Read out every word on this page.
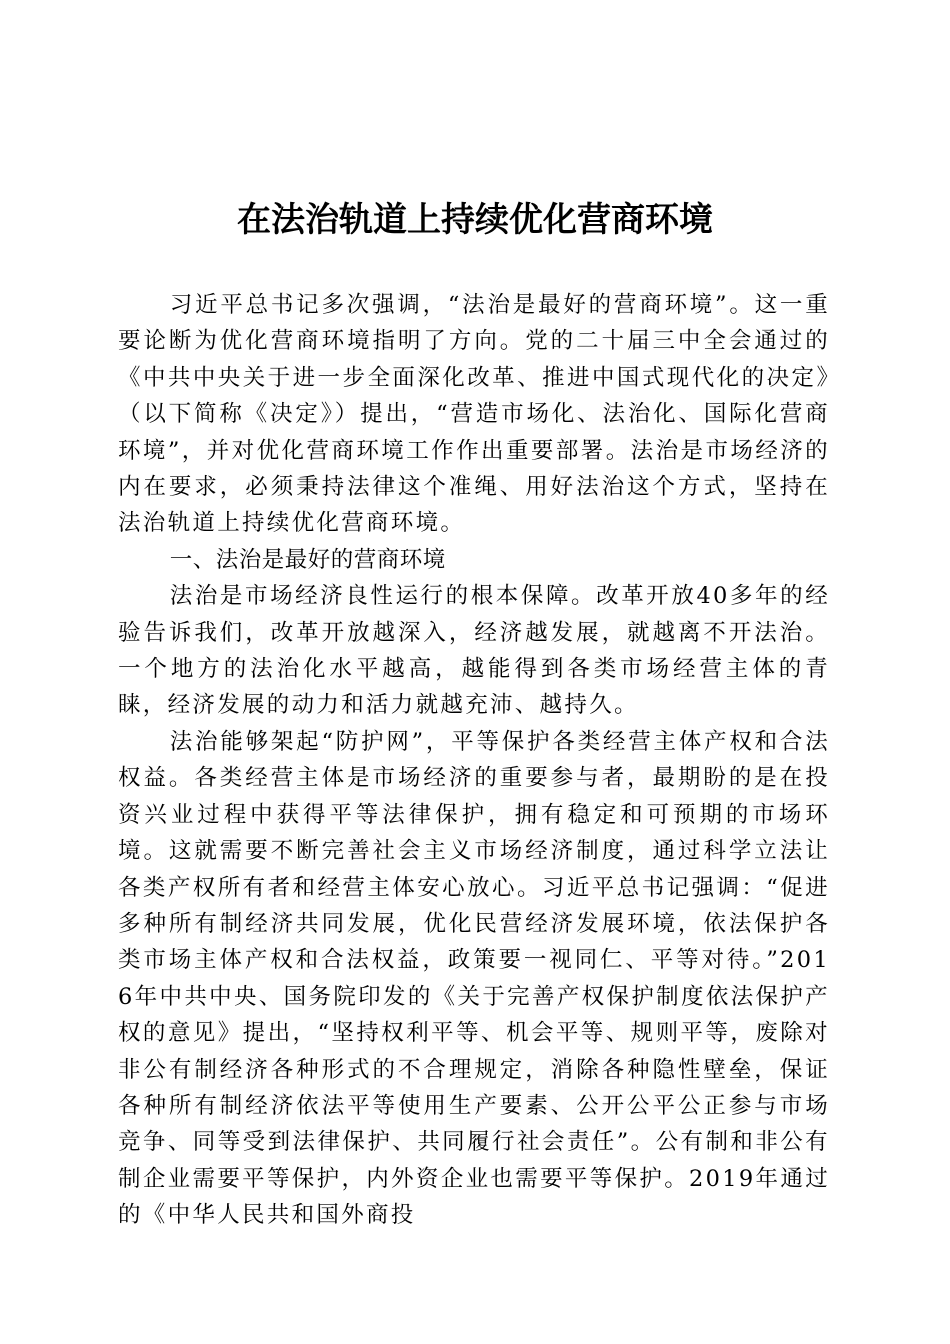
在法治轨道上持续优化营商环境

习近平总书记多次强调，“法治是最好的营商环境”。这一重要论断为优化营商环境指明了方向。党的二十届三中全会通过的《中共中央关于进一步全面深化改革、推进中国式现代化的决定》（以下简称《决定》）提出，“营造市场化、法治化、国际化营商环境”，并对优化营商环境工作作出重要部署。法治是市场经济的内在要求，必须秉持法律这个准绳、用好法治这个方式，坚持在法治轨道上持续优化营商环境。

一、法治是最好的营商环境

法治是市场经济良性运行的根本保障。改革开放40多年的经验告诉我们，改革开放越深入，经济越发展，就越离不开法治。一个地方的法治化水平越高，越能得到各类市场经营主体的青睐，经济发展的动力和活力就越充沛、越持久。

法治能够架起“防护网”，平等保护各类经营主体产权和合法权益。各类经营主体是市场经济的重要参与者，最期盼的是在投资兴业过程中获得平等法律保护，拥有稳定和可预期的市场环境。这就需要不断完善社会主义市场经济制度，通过科学立法让各类产权所有者和经营主体安心放心。习近平总书记强调：“促进多种所有制经济共同发展，优化民营经济发展环境，依法保护各类市场主体产权和合法权益，政策要一视同仁、平等对待。”2016年中共中央、国务院印发的《关于完善产权保护制度依法保护产权的意见》提出，“坚持权利平等、机会平等、规则平等，废除对非公有制经济各种形式的不合理规定，消除各种隐性壁垒，保证各种所有制经济依法平等使用生产要素、公开公平公正参与市场竞争、同等受到法律保护、共同履行社会责任”。公有制和非公有制企业需要平等保护，内外资企业也需要平等保护。2019年通过的《中华人民共和国外商投
